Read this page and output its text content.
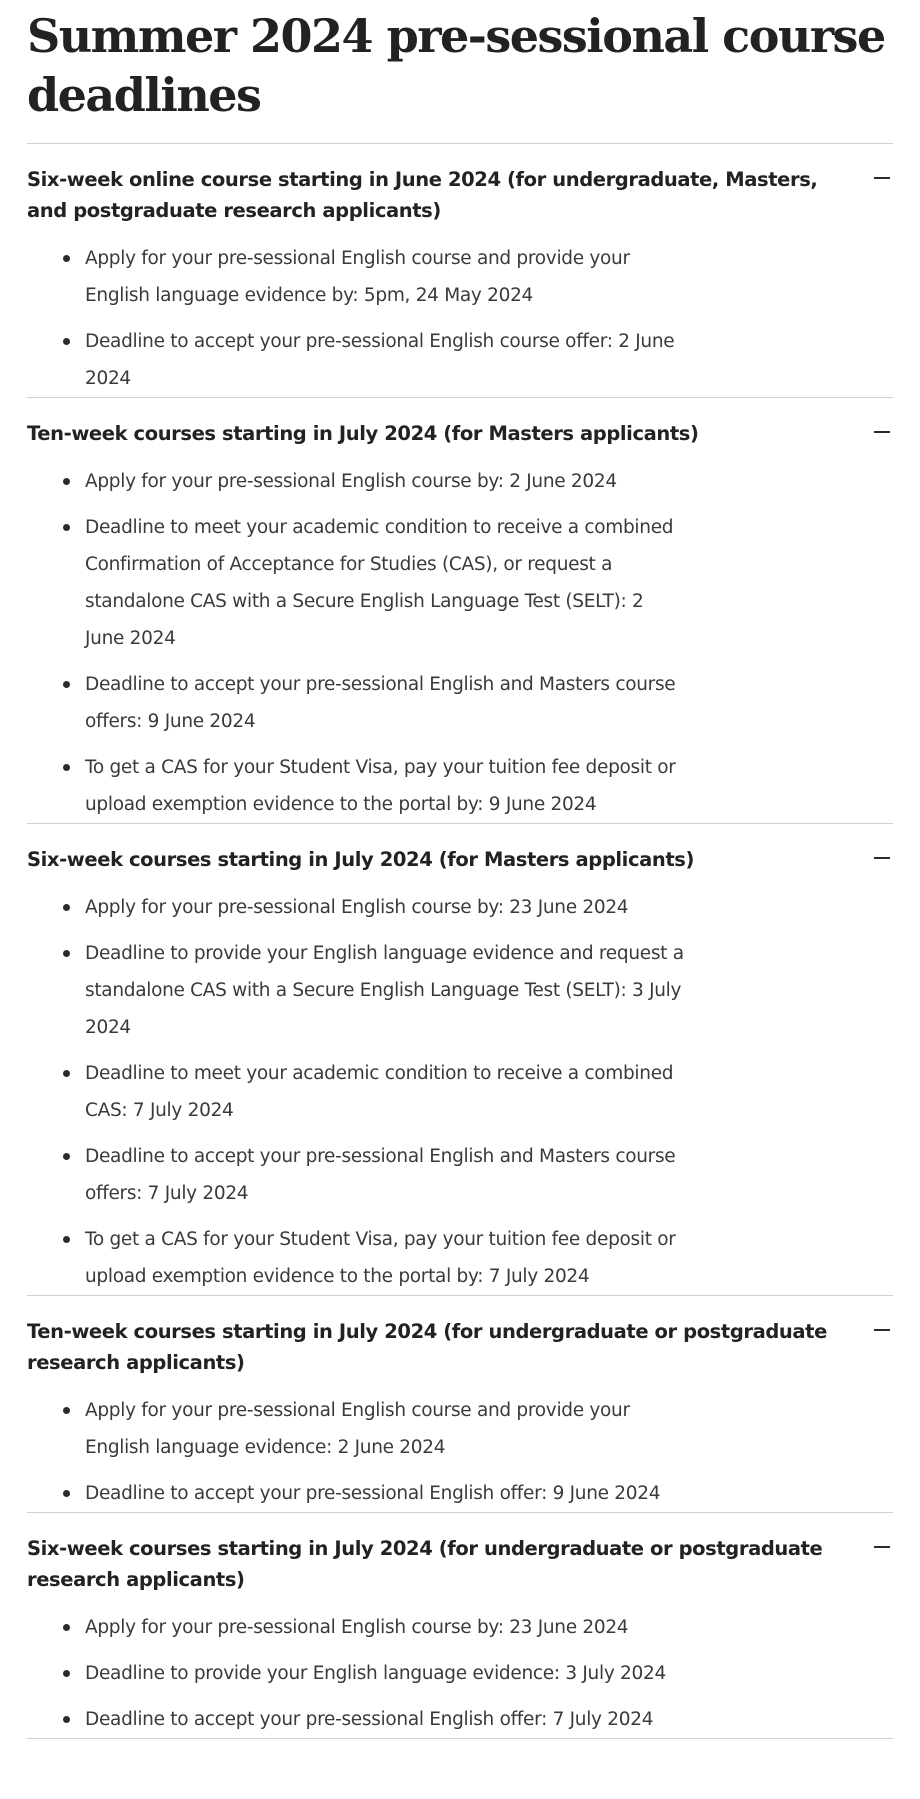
Summer 2024 pre-sessional course deadlines
Six-week online course starting in June 2024 (for undergraduate, Masters, and postgraduate research applicants)
Apply for your pre-sessional English course and provide your English language evidence by: 5pm, 24 May 2024
Deadline to accept your pre-sessional English course offer: 2 June 2024
Ten-week courses starting in July 2024 (for Masters applicants)
Apply for your pre-sessional English course by: 2 June 2024
Deadline to meet your academic condition to receive a combined Confirmation of Acceptance for Studies (CAS), or request a standalone CAS with a Secure English Language Test (SELT): 2 June 2024
Deadline to accept your pre-sessional English and Masters course offers: 9 June 2024
To get a CAS for your Student Visa, pay your tuition fee deposit or upload exemption evidence to the portal by: 9 June 2024
Six-week courses starting in July 2024 (for Masters applicants)
Apply for your pre-sessional English course by: 23 June 2024
Deadline to provide your English language evidence and request a standalone CAS with a Secure English Language Test (SELT): 3 July 2024
Deadline to meet your academic condition to receive a combined CAS: 7 July 2024
Deadline to accept your pre-sessional English and Masters course offers: 7 July 2024
To get a CAS for your Student Visa, pay your tuition fee deposit or upload exemption evidence to the portal by: 7 July 2024
Ten-week courses starting in July 2024 (for undergraduate or postgraduate research applicants)
Apply for your pre-sessional English course and provide your English language evidence: 2 June 2024
Deadline to accept your pre-sessional English offer: 9 June 2024
Six-week courses starting in July 2024 (for undergraduate or postgraduate research applicants)
Apply for your pre-sessional English course by: 23 June 2024
Deadline to provide your English language evidence: 3 July 2024
Deadline to accept your pre-sessional English offer: 7 July 2024
